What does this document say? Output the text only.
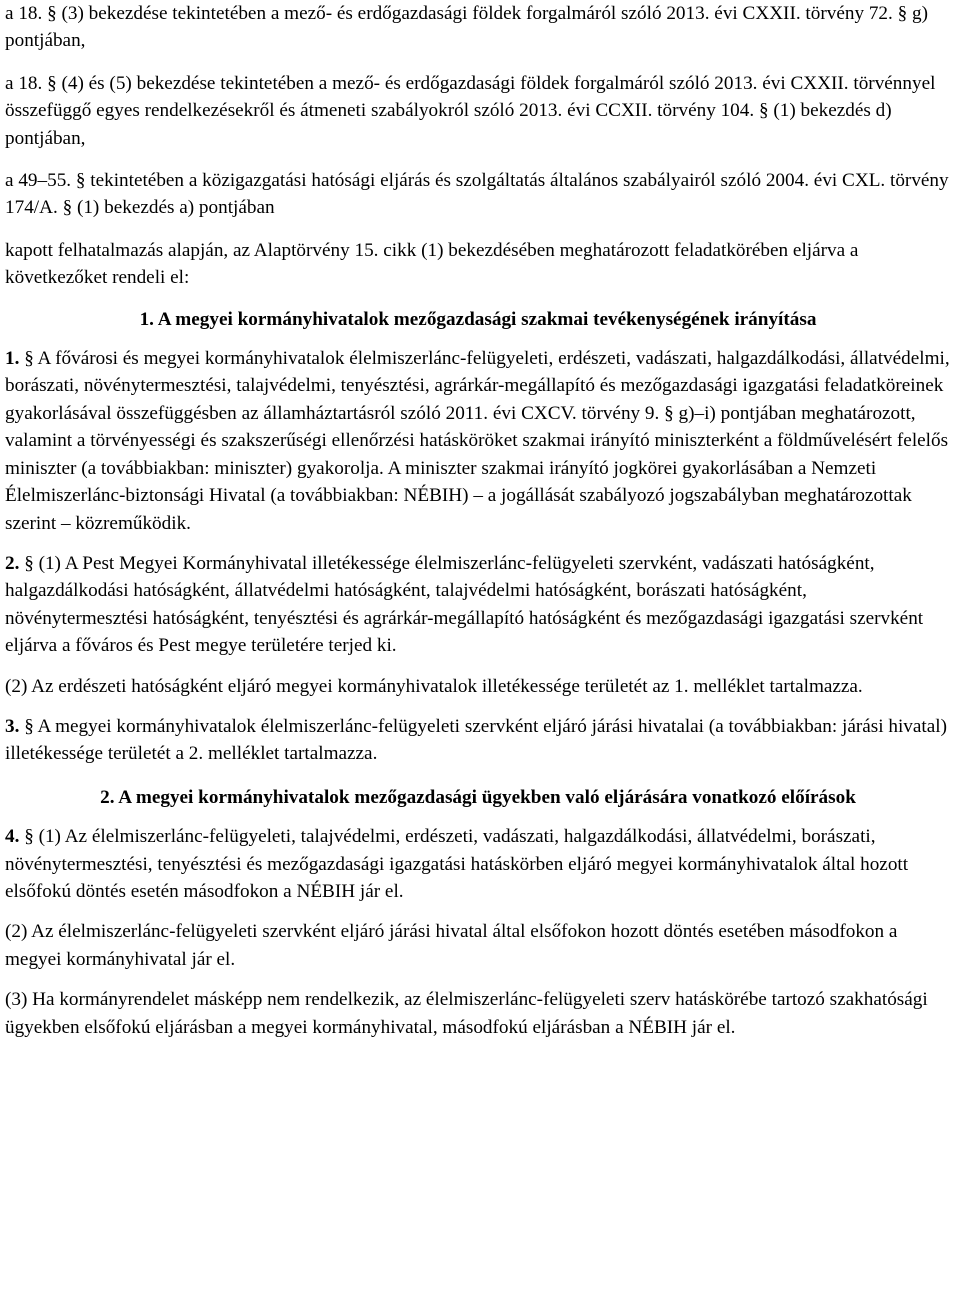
a 18. § (3) bekezdése tekintetében a mező- és erdőgazdasági földek forgalmáról szóló 2013. évi CXXII. törvény 72. § g) pontjában,

a 18. § (4) és (5) bekezdése tekintetében a mező- és erdőgazdasági földek forgalmáról szóló 2013. évi CXXII. törvénnyel összefüggő egyes rendelkezésekről és átmeneti szabályokról szóló 2013. évi CCXII. törvény 104. § (1) bekezdés d) pontjában,

a 49–55. § tekintetében a közigazgatási hatósági eljárás és szolgáltatás általános szabályairól szóló 2004. évi CXL. törvény 174/A. § (1) bekezdés a) pontjában

kapott felhatalmazás alapján, az Alaptörvény 15. cikk (1) bekezdésében meghatározott feladatkörében eljárva a következőket rendeli el:

1. A megyei kormányhivatalok mezőgazdasági szakmai tevékenységének irányítása

1. § A fővárosi és megyei kormányhivatalok élelmiszerlánc-felügyeleti, erdészeti, vadászati, halgazdálkodási, állatvédelmi, borászati, növénytermesztési, talajvédelmi, tenyésztési, agrárkár-megállapító és mezőgazdasági igazgatási feladatköreinek gyakorlásával összefüggésben az államháztartásról szóló 2011. évi CXCV. törvény 9. § g)–i) pontjában meghatározott, valamint a törvényességi és szakszerűségi ellenőrzési hatásköröket szakmai irányító miniszterként a földművelésért felelős miniszter (a továbbiakban: miniszter) gyakorolja. A miniszter szakmai irányító jogkörei gyakorlásában a Nemzeti Élelmiszerlánc-biztonsági Hivatal (a továbbiakban: NÉBIH) – a jogállását szabályozó jogszabályban meghatározottak szerint – közreműködik.

2. § (1) A Pest Megyei Kormányhivatal illetékessége élelmiszerlánc-felügyeleti szervként, vadászati hatóságként, halgazdálkodási hatóságként, állatvédelmi hatóságként, talajvédelmi hatóságként, borászati hatóságként, növénytermesztési hatóságként, tenyésztési és agrárkár-megállapító hatóságként és mezőgazdasági igazgatási szervként eljárva a főváros és Pest megye területére terjed ki.

(2) Az erdészeti hatóságként eljáró megyei kormányhivatalok illetékessége területét az 1. melléklet tartalmazza.

3. § A megyei kormányhivatalok élelmiszerlánc-felügyeleti szervként eljáró járási hivatalai (a továbbiakban: járási hivatal) illetékessége területét a 2. melléklet tartalmazza.

2. A megyei kormányhivatalok mezőgazdasági ügyekben való eljárására vonatkozó előírások

4. § (1) Az élelmiszerlánc-felügyeleti, talajvédelmi, erdészeti, vadászati, halgazdálkodási, állatvédelmi, borászati, növénytermesztési, tenyésztési és mezőgazdasági igazgatási hatáskörben eljáró megyei kormányhivatalok által hozott elsőfokú döntés esetén másodfokon a NÉBIH jár el.

(2) Az élelmiszerlánc-felügyeleti szervként eljáró járási hivatal által elsőfokon hozott döntés esetében másodfokon a megyei kormányhivatal jár el.

(3) Ha kormányrendelet másképp nem rendelkezik, az élelmiszerlánc-felügyeleti szerv hatáskörébe tartozó szakhatósági ügyekben elsőfokú eljárásban a megyei kormányhivatal, másodfokú eljárásban a NÉBIH jár el.
